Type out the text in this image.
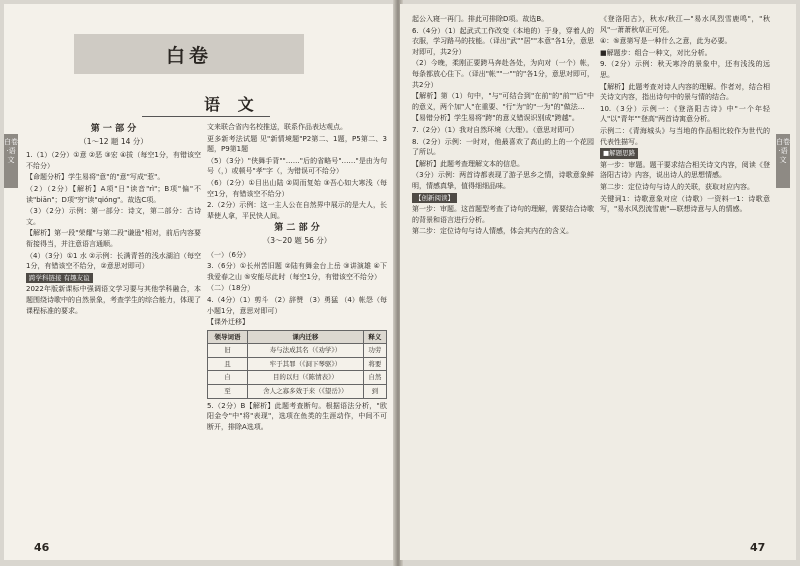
白卷
语 文
白卷·语文
第 一 部 分
（1～12 题 14 分）

1.（1）（2分）①意 ②恶 ③宏 ④拔（每空1分，有错该空不给分）

【命题分析】学生易将"意"的"意"写成"惹"。

（2）（2分）【解析】A项"日"读音"rì"；B项"偏"不读"biān"；D项"穷"读"qióng"。故选C项。

（3）（2分）示例：第一部分：诗文，第二部分：古诗文。

【解析】第一段"荣耀"与第二段"谦逊"相对，前后内容要衔接得当，并注意语言通顺。

（4）（3分）①1 水 ②示例：长满青苔的浅水湖泊（每空1分，有错该空不给分，②意思对即可）

跨学科链接 有趣友谊

2022年版新课标中强调语文学习要与其他学科融合，本题围绕诗歌中的自然景象，考查学生的综合能力，体现了课程标准的要求。

文来联合省内名校推送，联系作品表达观点。

更多新考法试题 见"新情境题"P2第二、1题，P5第二、3题，P9第1题

（5）（3分）"侠舞手背""……"后的省略号"……"是由为句号（，）或顿号"孝"字（，为错误可不给分）

（6）（2分）①目出山陆 ②周而复始 ③吾心如大寒浅（每空1分，有错该空不给分）

2.（2分）示例：这一主人公在自然界中展示的是大人，长辈使人拿，平民快人间。

第 二 部 分
（3～20 题 56 分）

（一）（6分）

3.（6分）①长州苦旧题 ②陆有舞金台上岳 ③讲演雄 ④下我爱春之山 ⑤安能尽此时（每空1分，有错该空不给分）

（二）（18分）

4.（4分）（1）剪斗 （2）辞赞 （3）勇猛 （4）帐怨（每小题1分，意思对即可）

【课外迁移】

领导词语	课内迁移	释义
旧	寿与法成其名（《劝学》）	功劳
且	牢于其罪（《洞下琴驱》）	将要
自	目的以归（《陈情表》）	自然
至	舍人之寡多效于来（《望岳》）	到

5.（2分）B【解析】此题考查断句。根据语法分析，"欧阳金令"中"将"表现"，选项在鱼类的生涯动作，中间不可断开，排除A选项。

46

起公入寝一再门。排此可排除D项。故选B。

6.（4分）（1）起武式工作改变（本地的）于身，穿着人的衣服，学习路马的技能。（译出"武""居""本意"各1分，意思对即可，共2分）

（2）今晚，柔刚正要跨马奔赴各处，为向对（一个）帐，每条都放心住下。（译出"帐""一""的"各1分，意思对即可，共2分）

【解析】第（1）句中，"与"可结合到"在前"的"前""后"中的意义，两个加"人"在重要、"行"为"的"一为"的"做法…

【易错分析】学生易将"跨"的意义错误识别成"跨越"。

7.（2分）（1）我对自然环境（大理）。（意思对即可）

8.（2分）示例：一时对，他最喜欢了高山的上的一个花园了所以。

【解析】此题考查理解文本的信息。

（3分）示例：两首诗都表现了游子思乡之情，诗歌意象鲜明，情感真挚，值得细细品味。

【创新阅读】

第一步：审题。这首题型考查了诗句的理解，需要结合诗歌的背景和语言进行分析。

第二步：定位诗句与诗人情感，体会其内在的含义。

《登洛阳古》，秋水/秋江—"易水风烈雪鹿鸣"，"秋风"一萧萧秋草正可凭。

④：⑤意第写是一种什么之意，此为必要。

■解题步：组合一种文，对比分析。

9.（2分）示例：秋天寒冷的景象中，还有浅浅的远思。

【解析】此题考查对诗人内容的理解。作者对，结合相关诗文内容，指出诗句中的景与情的结合。

10.（3分）示例一：《登洛阳古诗》中"一个年轻人"以"青年""登高"两首诗寓意分析。

示例二：《青海城头》与当地的作品相比较作为世代的代表性描写。

■解题思路

第一步：审题。题干要求结合相关诗文内容，阅读《登洛阳古诗》内容，说出诗人的思想情感。

第二步：定位诗句与诗人的关联，获取对应内容。

关键词1：诗歌意象对应（诗歌）一资料一1：诗歌意写，"易水风烈流雪鹿"—联想诗意与人的情感。

白卷·语文
47
